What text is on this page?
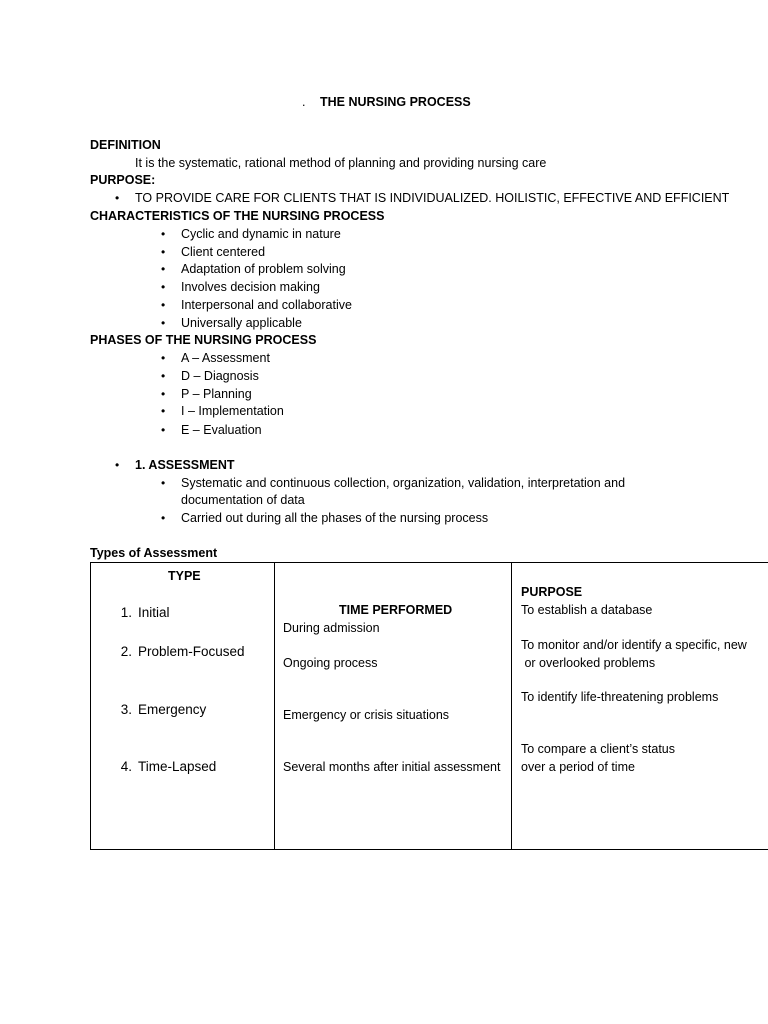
. THE NURSING PROCESS
DEFINITION
It is the systematic, rational method of planning and providing nursing care
PURPOSE:
• TO PROVIDE CARE FOR CLIENTS THAT IS INDIVIDUALIZED. HOILISTIC, EFFECTIVE AND EFFICIENT
CHARACTERISTICS OF THE NURSING PROCESS
• Cyclic and dynamic in nature
• Client centered
• Adaptation of problem solving
• Involves decision making
• Interpersonal and collaborative
• Universally applicable
PHASES OF THE NURSING PROCESS
• A – Assessment
• D – Diagnosis
• P – Planning
• I – Implementation
• E – Evaluation
• 1. ASSESSMENT
• Systematic and continuous collection, organization, validation, interpretation and
documentation of data
• Carried out during all the phases of the nursing process
Types of Assessment
TYPE
TIME PERFORMED
PURPOSE
1. Initial
2. Problem-Focused
3. Emergency
4. Time-Lapsed
During admission
Ongoing process
Emergency or crisis situations
Several months after initial assessment
To establish a database
To monitor and/or identify a specific, new
or overlooked problems
To identify life-threatening problems
To compare a client’s status
over a period of time
